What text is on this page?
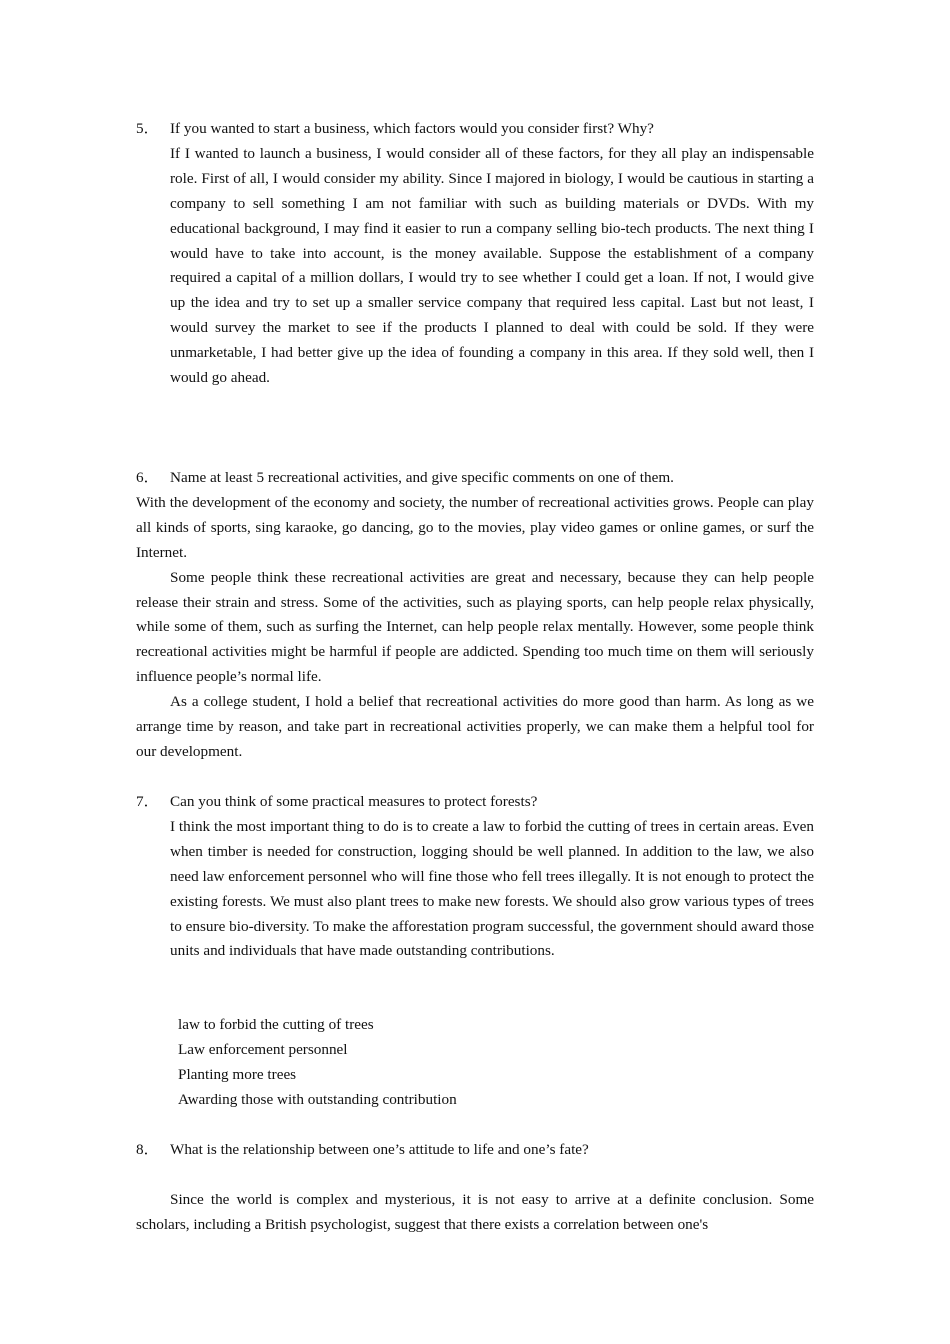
5． If you wanted to start a business, which factors would you consider first? Why?

If I wanted to launch a business, I would consider all of these factors, for they all play an indispensable role. First of all, I would consider my ability. Since I majored in biology, I would be cautious in starting a company to sell something I am not familiar with such as building materials or DVDs. With my educational background, I may find it easier to run a company selling bio-tech products. The next thing I would have to take into account, is the money available. Suppose the establishment of a company required a capital of a million dollars, I would try to see whether I could get a loan. If not, I would give up the idea and try to set up a smaller service company that required less capital. Last but not least, I would survey the market to see if the products I planned to deal with could be sold. If they were unmarketable, I had better give up the idea of founding a company in this area. If they sold well, then I would go ahead.

6． Name at least 5 recreational activities, and give specific comments on one of them.

With the development of the economy and society, the number of recreational activities grows. People can play all kinds of sports, sing karaoke, go dancing, go to the movies, play video games or online games, or surf the Internet.

Some people think these recreational activities are great and necessary, because they can help people release their strain and stress. Some of the activities, such as playing sports, can help people relax physically, while some of them, such as surfing the Internet, can help people relax mentally. However, some people think recreational activities might be harmful if people are addicted. Spending too much time on them will seriously influence people’s normal life.

As a college student, I hold a belief that recreational activities do more good than harm. As long as we arrange time by reason, and take part in recreational activities properly, we can make them a helpful tool for our development.

7． Can you think of some practical measures to protect forests?

I think the most important thing to do is to create a law to forbid the cutting of trees in certain areas. Even when timber is needed for construction, logging should be well planned. In addition to the law, we also need law enforcement personnel who will fine those who fell trees illegally. It is not enough to protect the existing forests. We must also plant trees to make new forests. We should also grow various types of trees to ensure bio-diversity. To make the afforestation program successful, the government should award those units and individuals that have made outstanding contributions.

law to forbid the cutting of trees
Law enforcement personnel
Planting more trees
Awarding those with outstanding contribution
8． What is the relationship between one’s attitude to life and one’s fate?

Since the world is complex and mysterious, it is not easy to arrive at a definite conclusion. Some scholars, including a British psychologist, suggest that there exists a correlation between one's
